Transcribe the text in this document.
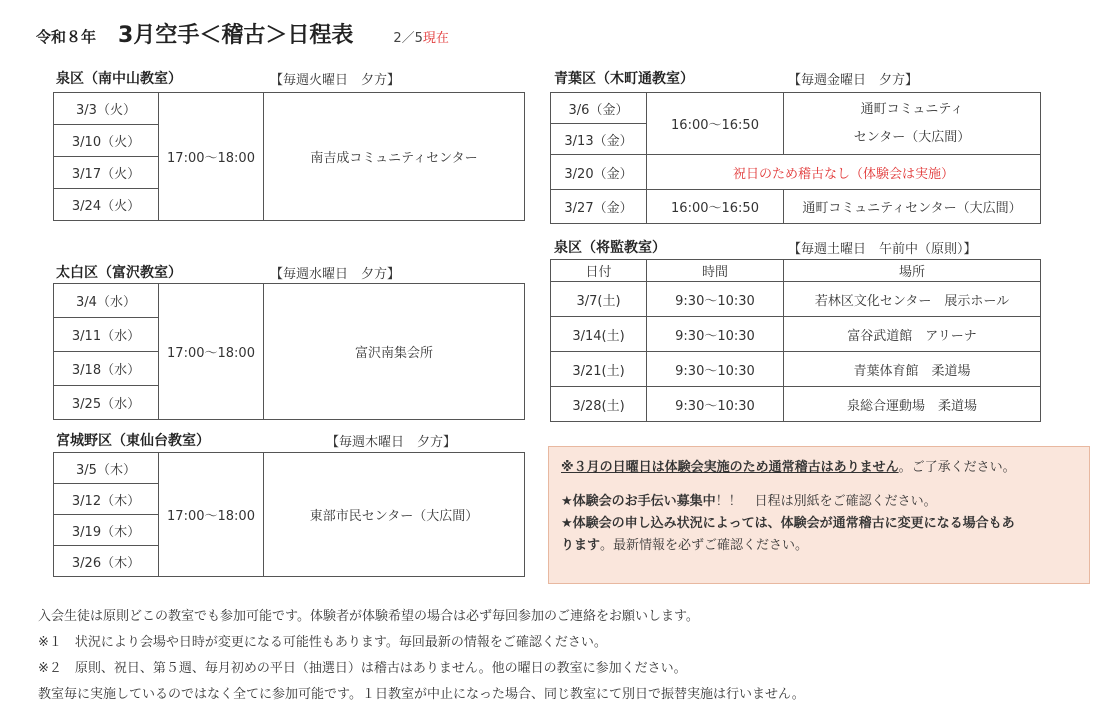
令和８年 3月空手＜稽古＞日程表	2／5現在
泉区（南中山教室）	【毎週火曜日　夕方】
3/3（火）	17:00～18:00	南吉成コミュニティセンター
3/10（火）
3/17（火）
3/24（火）
太白区（富沢教室）	【毎週水曜日　夕方】
3/4（水）	17:00～18:00	富沢南集会所
3/11（水）
3/18（水）
3/25（水）
宮城野区（東仙台教室）	【毎週木曜日　夕方】
3/5（木）	17:00～18:00	東部市民センター（大広間）
3/12（木）
3/19（木）
3/26（木）
青葉区（木町通教室）	【毎週金曜日　夕方】
3/6（金）	16:00～16:50	通町コミュニティ
センター（大広間）

3/13（金）		
3/20（金）	祝日のため稽古なし（体験会は実施）	
3/27（金）	16:00～16:50	通町コミュニティセンター（大広間）
泉区（将監教室）	【毎週土曜日　午前中（原則）】
日付	時間	場所
3/7(土)	9:30～10:30	若林区文化センター　展示ホール
3/14(土)	9:30～10:30	富谷武道館　アリーナ
3/21(土)	9:30～10:30	青葉体育館　柔道場
3/28(土)	9:30～10:30	泉総合運動場　柔道場

※３月の日曜日は体験会実施のため通常稽古はありません。ご了承ください。

★体験会のお手伝い募集中！！　日程は別紙をご確認ください。

★体験会の申し込み状況によっては、体験会が通常稽古に変更になる場合もあ

ります。最新情報を必ずご確認ください。

入会生徒は原則どこの教室でも参加可能です。体験者が体験希望の場合は必ず毎回参加のご連絡をお願いします。
※１　状況により会場や日時が変更になる可能性もあります。毎回最新の情報をご確認ください。
※２　原則、祝日、第５週、毎月初めの平日（抽選日）は稽古はありません。他の曜日の教室に参加ください。
教室毎に実施しているのではなく全てに参加可能です。１日教室が中止になった場合、同じ教室にて別日で振替実施は行いません。
